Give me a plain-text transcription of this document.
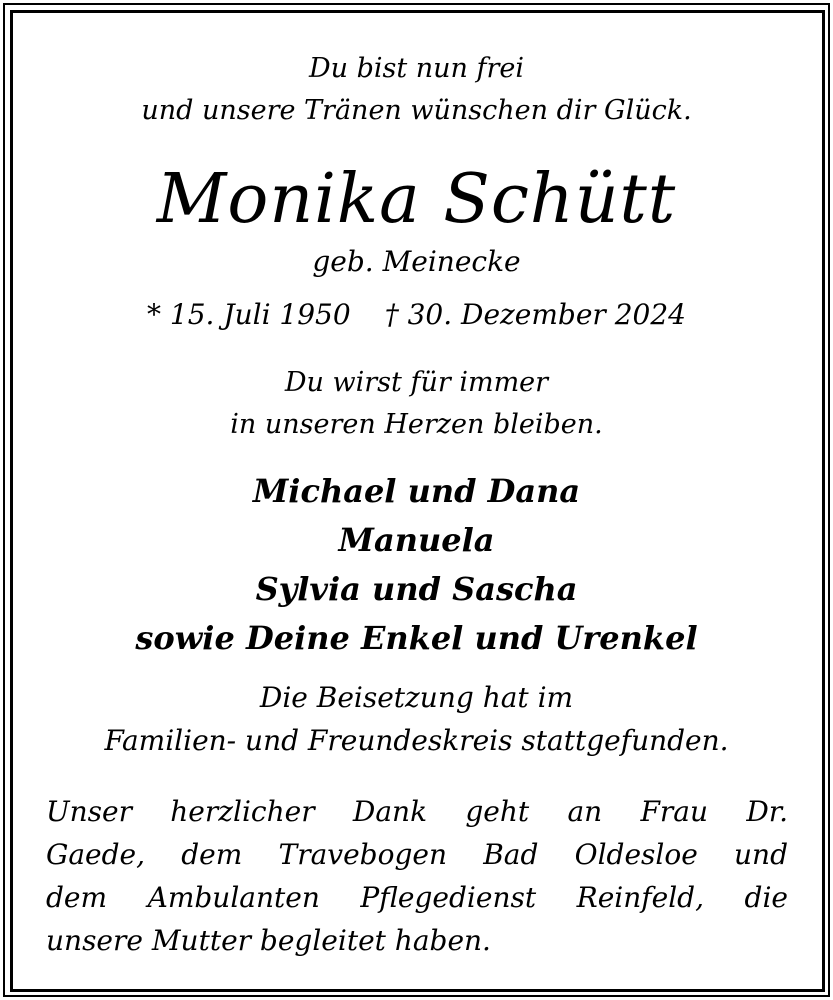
Du bist nun frei
und unsere Tränen wünschen dir Glück.
Monika Schütt
geb. Meinecke
* 15. Juli 1950 † 30. Dezember 2024
Du wirst für immer
in unseren Herzen bleiben.
Michael und Dana
Manuela
Sylvia und Sascha
sowie Deine Enkel und Urenkel
Die Beisetzung hat im
Familien- und Freundeskreis stattgefunden.
Unser herzlicher Dank geht an Frau Dr.
Gaede, dem Travebogen Bad Oldesloe und
dem Ambulanten Pflegedienst Reinfeld, die
unsere Mutter begleitet haben.
